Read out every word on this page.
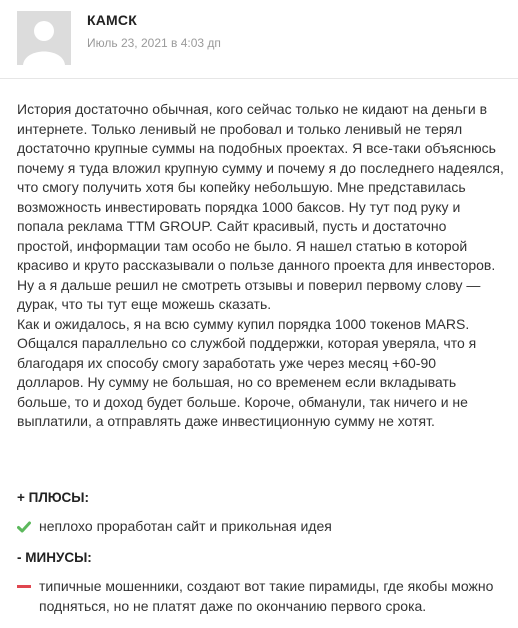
КАМСК
Июль 23, 2021 в 4:03 дп

История достаточно обычная, кого сейчас только не кидают на деньги в интернете. Только ленивый не пробовал и только ленивый не терял достаточно крупные суммы на подобных проектах. Я все-таки объяснюсь почему я туда вложил крупную сумму и почему я до последнего надеялся, что смогу получить хотя бы копейку небольшую. Мне представилась возможность инвестировать порядка 1000 баксов. Ну тут под руку и попала реклама TTM GROUP. Сайт красивый, пусть и достаточно простой, информации там особо не было. Я нашел статью в которой красиво и круто рассказывали о пользе данного проекта для инвесторов. Ну а я дальше решил не смотреть отзывы и поверил первому слову — дурак, что ты тут еще можешь сказать.

Как и ожидалось, я на всю сумму купил порядка 1000 токенов MARS. Общался параллельно со службой поддержки, которая уверяла, что я благодаря их способу смогу заработать уже через месяц +60-90 долларов. Ну сумму не большая, но со временем если вкладывать больше, то и доход будет больше. Короче, обманули, так ничего и не выплатили, а отправлять даже инвестиционную сумму не хотят.

+ ПЛЮСЫ:
неплохо проработан сайт и прикольная идея
- МИНУСЫ:
типичные мошенники, создают вот такие пирамиды, где якобы можно подняться, но не платят даже по окончанию первого срока.
